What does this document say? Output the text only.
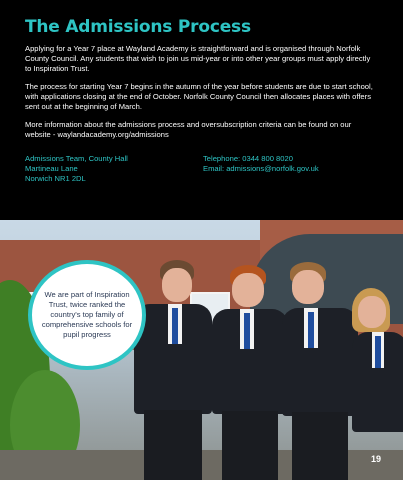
The Admissions Process

Applying for a Year 7 place at Wayland Academy is straightforward and is organised through Norfolk County Council. Any students that wish to join us mid-year or into other year groups must apply directly to Inspiration Trust.

The process for starting Year 7 begins in the autumn of the year before students are due to start school, with applications closing at the end of October. Norfolk County Council then allocates places with offers sent out at the beginning of March.

More information about the admissions process and oversubscription criteria can be found on our website - waylandacademy.org/admissions

Admissions Team, County Hall
Martineau Lane
Norwich NR1 2DL
Telephone: 0344 800 8020
Email: admissions@norfolk.gov.uk
We are part of Inspiration Trust, twice ranked the country's top family of comprehensive schools for pupil progress
19
